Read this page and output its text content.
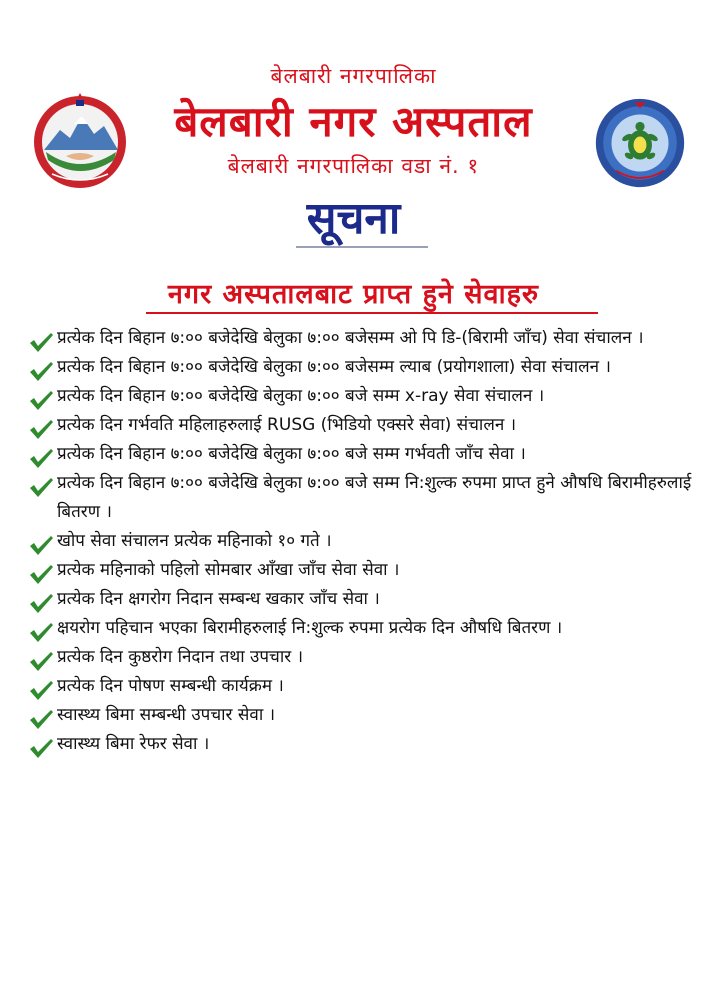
बेलबारी नगरपालिका
बेलबारी नगर अस्पताल
बेलबारी नगरपालिका वडा नं. १
सूचना
नगर अस्पतालबाट प्राप्त हुने सेवाहरु
प्रत्येक दिन बिहान ७:०० बजेदेखि बेलुका ७:०० बजेसम्म ओ पि डि-(बिरामी जाँच) सेवा संचालन ।
प्रत्येक दिन बिहान ७:०० बजेदेखि बेलुका ७:०० बजेसम्म ल्याब (प्रयोगशाला) सेवा संचालन ।
प्रत्येक दिन बिहान ७:०० बजेदेखि बेलुका ७:०० बजे सम्म x-ray सेवा संचालन ।
प्रत्येक दिन गर्भवति महिलाहरुलाई RUSG (भिडियो एक्सरे सेवा) संचालन ।
प्रत्येक दिन बिहान ७:०० बजेदेखि बेलुका ७:०० बजे सम्म गर्भवती जाँच सेवा ।
प्रत्येक दिन बिहान ७:०० बजेदेखि बेलुका ७:०० बजे सम्म नि:शुल्क रुपमा प्राप्त हुने औषधि बिरामीहरुलाई बितरण ।
खोप सेवा संचालन प्रत्येक महिनाको १० गते ।
प्रत्येक महिनाको पहिलो सोमबार आँखा जाँच सेवा सेवा ।
प्रत्येक दिन क्षगरोग निदान सम्बन्ध खकार जाँच सेवा ।
क्षयरोग पहिचान भएका बिरामीहरुलाई नि:शुल्क रुपमा प्रत्येक दिन औषधि बितरण ।
प्रत्येक दिन कुष्ठरोग निदान तथा उपचार ।
प्रत्येक दिन पोषण सम्बन्धी कार्यक्रम ।
स्वास्थ्य बिमा सम्बन्धी उपचार सेवा ।
स्वास्थ्य बिमा रेफर सेवा ।
